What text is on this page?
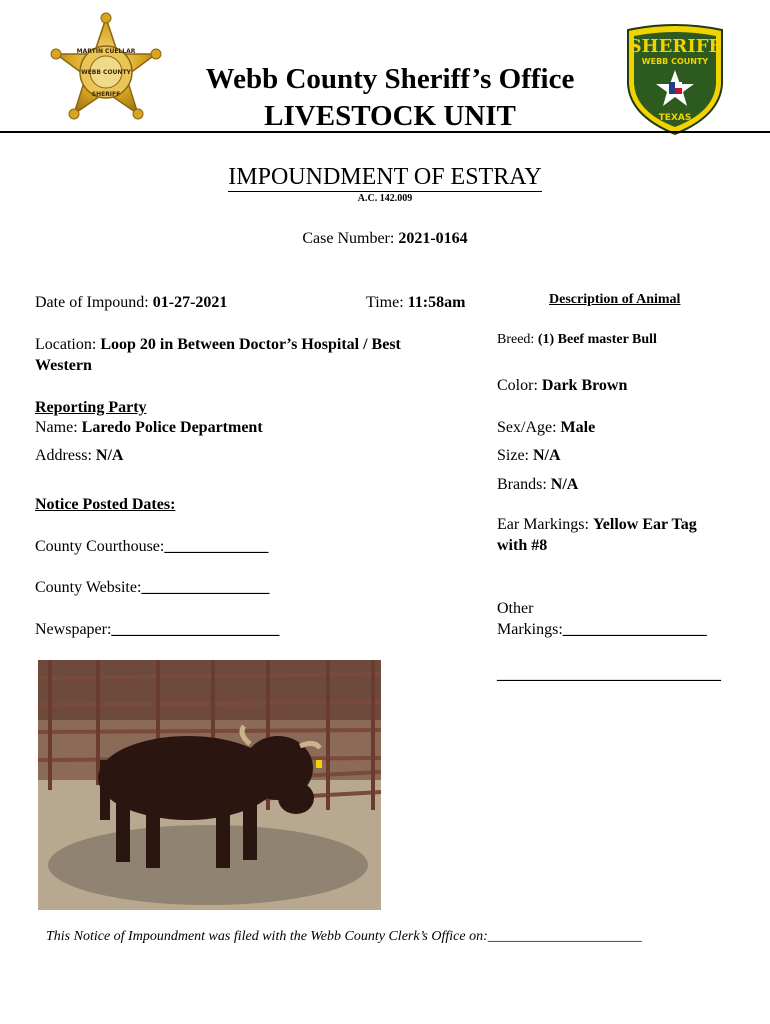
MARTIN CUELLAR
WEBB COUNTY
SHERIFF	Webb County Sheriff’s Office
LIVESTOCK UNIT
SHERIFF
WEBB COUNTY
TEXAS
IMPOUNDMENT OF ESTRAY
A.C. 142.009
Case Number: 2021-0164
Date of Impound: 01-27-2021	Time: 11:58am
Location: Loop 20 in Between Doctor’s Hospital / Best
Western
Reporting Party
Name: Laredo Police Department
Address: N/A
Notice Posted Dates:
County Courthouse:_____________
County Website:________________
Newspaper:_____________________
Description of Animal
Breed: (1) Beef master Bull
Color: Dark Brown
Sex/Age: Male
Size: N/A
Brands: N/A
Ear Markings: Yellow Ear Tag
with #8
Other
Markings:__________________
____________________________
This Notice of Impoundment was filed with the Webb County Clerk’s Office on:______________________
